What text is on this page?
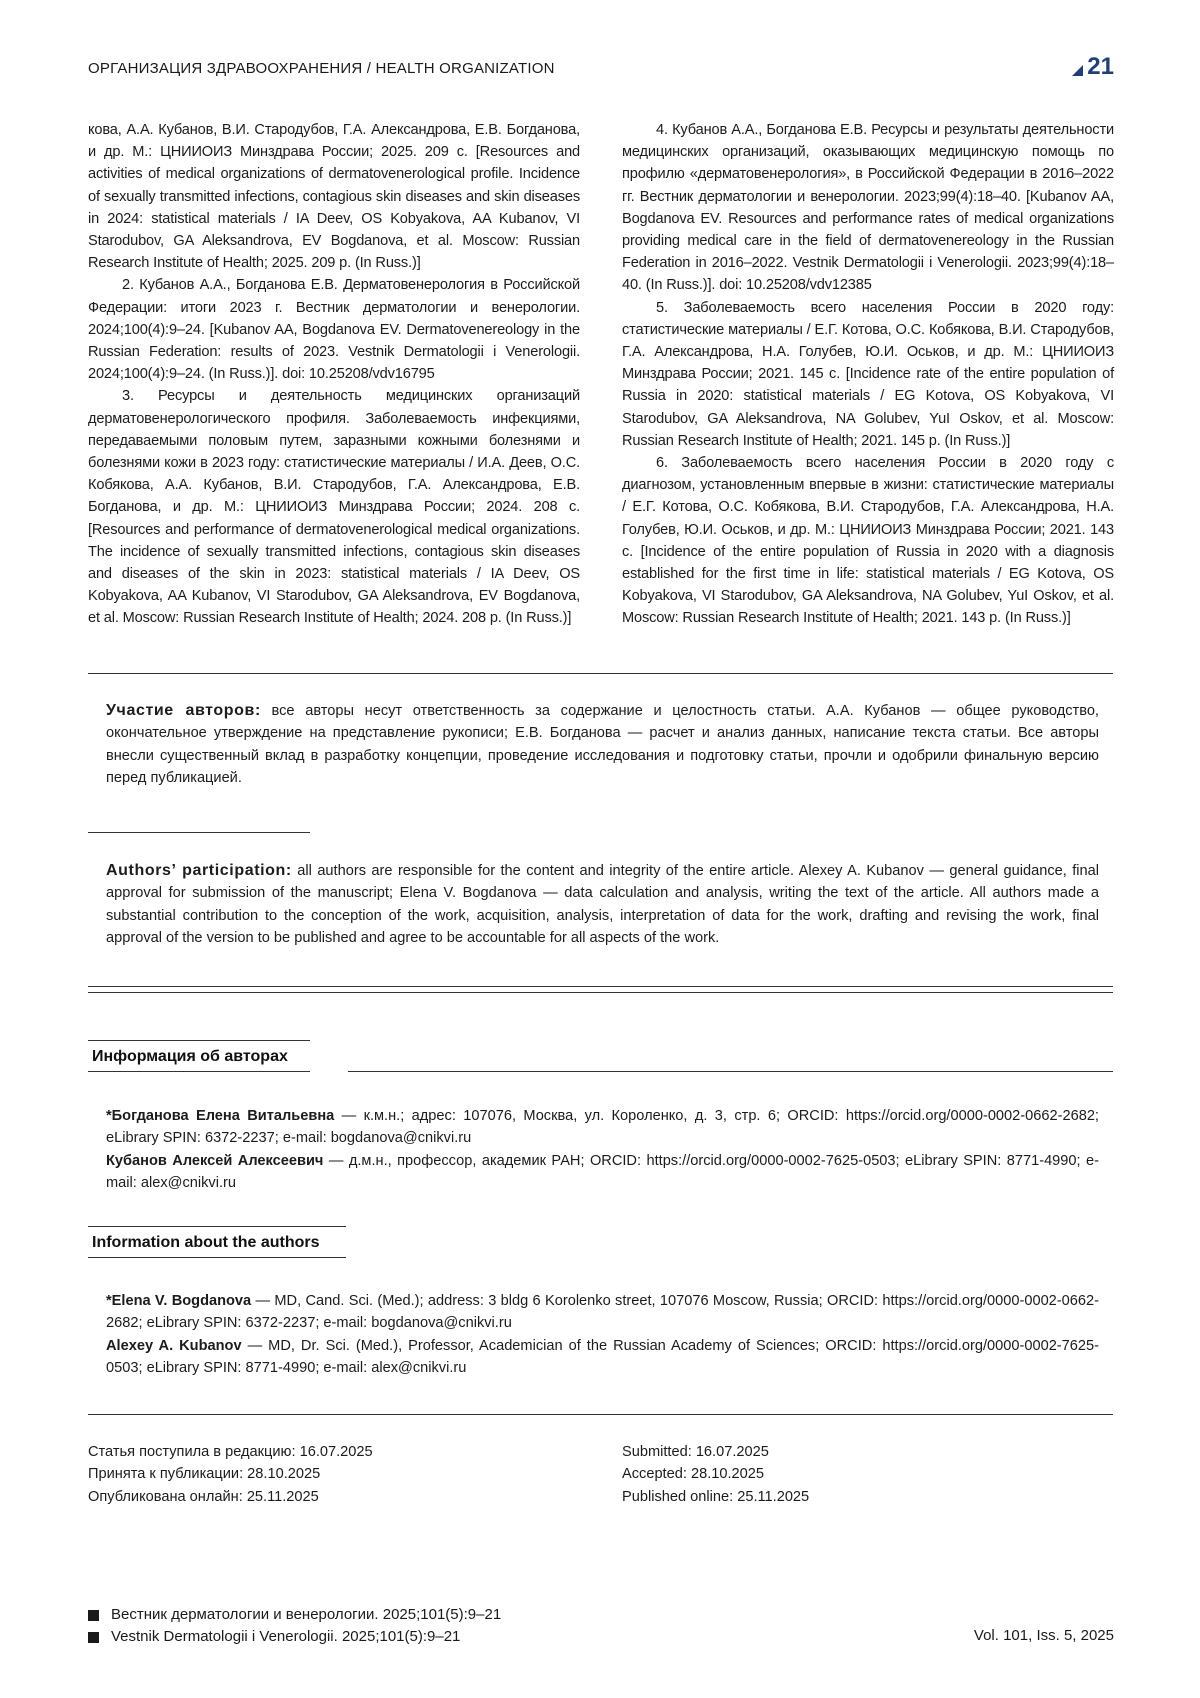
ОРГАНИЗАЦИЯ ЗДРАВООХРАНЕНИЯ / HEALTH ORGANIZATION	21

кова, А.А. Кубанов, В.И. Стародубов, Г.А. Александрова, Е.В. Богданова, и др. М.: ЦНИИОИЗ Минздрава России; 2025. 209 с. [Resources and activities of medical organizations of dermatovenerological profile. Incidence of sexually transmitted infections, contagious skin diseases and skin diseases in 2024: statistical materials / IA Deev, OS Kobyakova, AA Kubanov, VI Starodubov, GA Aleksandrova, EV Bogdanova, et al. Moscow: Russian Research Institute of Health; 2025. 209 p. (In Russ.)]

2. Кубанов А.А., Богданова Е.В. Дерматовенерология в Российской Федерации: итоги 2023 г. Вестник дерматологии и венерологии. 2024;100(4):9–24. [Kubanov AA, Bogdanova EV. Dermatovenereology in the Russian Federation: results of 2023. Vestnik Dermatologii i Venerologii. 2024;100(4):9–24. (In Russ.)]. doi: 10.25208/vdv16795

3. Ресурсы и деятельность медицинских организаций дерматовенерологического профиля. Заболеваемость инфекциями, передаваемыми половым путем, заразными кожными болезнями и болезнями кожи в 2023 году: статистические материалы / И.А. Деев, О.С. Кобякова, А.А. Кубанов, В.И. Стародубов, Г.А. Александрова, Е.В. Богданова, и др. М.: ЦНИИОИЗ Минздрава России; 2024. 208 с. [Resources and performance of dermatovenerological medical organizations. The incidence of sexually transmitted infections, contagious skin diseases and diseases of the skin in 2023: statistical materials / IA Deev, OS Kobyakova, AA Kubanov, VI Starodubov, GA Aleksandrova, EV Bogdanova, et al. Moscow: Russian Research Institute of Health; 2024. 208 p. (In Russ.)]

4. Кубанов А.А., Богданова Е.В. Ресурсы и результаты деятельности медицинских организаций, оказывающих медицинскую помощь по профилю «дерматовенерология», в Российской Федерации в 2016–2022 гг. Вестник дерматологии и венерологии. 2023;99(4):18–40. [Kubanov AA, Bogdanova EV. Resources and performance rates of medical organizations providing medical care in the field of dermatovenereology in the Russian Federation in 2016–2022. Vestnik Dermatologii i Venerologii. 2023;99(4):18–40. (In Russ.)]. doi: 10.25208/vdv12385

5. Заболеваемость всего населения России в 2020 году: статистические материалы / Е.Г. Котова, О.С. Кобякова, В.И. Стародубов, Г.А. Александрова, Н.А. Голубев, Ю.И. Оськов, и др. М.: ЦНИИОИЗ Минздрава России; 2021. 145 с. [Incidence rate of the entire population of Russia in 2020: statistical materials / EG Kotova, OS Kobyakova, VI Starodubov, GA Aleksandrova, NA Golubev, YuI Oskov, et al. Moscow: Russian Research Institute of Health; 2021. 145 p. (In Russ.)]

6. Заболеваемость всего населения России в 2020 году с диагнозом, установленным впервые в жизни: статистические материалы / Е.Г. Котова, О.С. Кобякова, В.И. Стародубов, Г.А. Александрова, Н.А. Голубев, Ю.И. Оськов, и др. М.: ЦНИИОИЗ Минздрава России; 2021. 143 с. [Incidence of the entire population of Russia in 2020 with a diagnosis established for the first time in life: statistical materials / EG Kotova, OS Kobyakova, VI Starodubov, GA Aleksandrova, NA Golubev, YuI Oskov, et al. Moscow: Russian Research Institute of Health; 2021. 143 p. (In Russ.)]

Участие авторов: все авторы несут ответственность за содержание и целостность статьи. А.А. Кубанов — общее руководство, окончательное утверждение на представление рукописи; Е.В. Богданова — расчет и анализ данных, написание текста статьи. Все авторы внесли существенный вклад в разработку концепции, проведение исследования и подготовку статьи, прочли и одобрили финальную версию перед публикацией.
Authors’ participation: all authors are responsible for the content and integrity of the entire article. Alexey A. Kubanov — general guidance, final approval for submission of the manuscript; Elena V. Bogdanova — data calculation and analysis, writing the text of the article. All authors made a substantial contribution to the conception of the work, acquisition, analysis, interpretation of data for the work, drafting and revising the work, final approval of the version to be published and agree to be accountable for all aspects of the work.
Информация об авторах

*Богданова Елена Витальевна — к.м.н.; адрес: 107076, Москва, ул. Короленко, д. 3, стр. 6; ORCID: https://orcid.org/0000-0002-0662-2682; eLibrary SPIN: 6372-2237; e-mail: bogdanova@cnikvi.ru

Кубанов Алексей Алексеевич — д.м.н., профессор, академик РАН; ORCID: https://orcid.org/0000-0002-7625-0503; eLibrary SPIN: 8771-4990; e-mail: alex@cnikvi.ru

Information about the authors

*Elena V. Bogdanova — MD, Cand. Sci. (Med.); address: 3 bldg 6 Korolenko street, 107076 Moscow, Russia; ORCID: https://orcid.org/0000-0002-0662-2682; eLibrary SPIN: 6372-2237; e-mail: bogdanova@cnikvi.ru

Alexey A. Kubanov — MD, Dr. Sci. (Med.), Professor, Academician of the Russian Academy of Sciences; ORCID: https://orcid.org/0000-0002-7625-0503; eLibrary SPIN: 8771-4990; e-mail: alex@cnikvi.ru

Статья поступила в редакцию: 16.07.2025

Принята к публикации: 28.10.2025

Опубликована онлайн: 25.11.2025

Submitted: 16.07.2025

Accepted: 28.10.2025

Published online: 25.11.2025

Вестник дерматологии и венерологии. 2025;101(5):9–21

Vestnik Dermatologii i Venerologii. 2025;101(5):9–21	Vol. 101, Iss. 5, 2025
